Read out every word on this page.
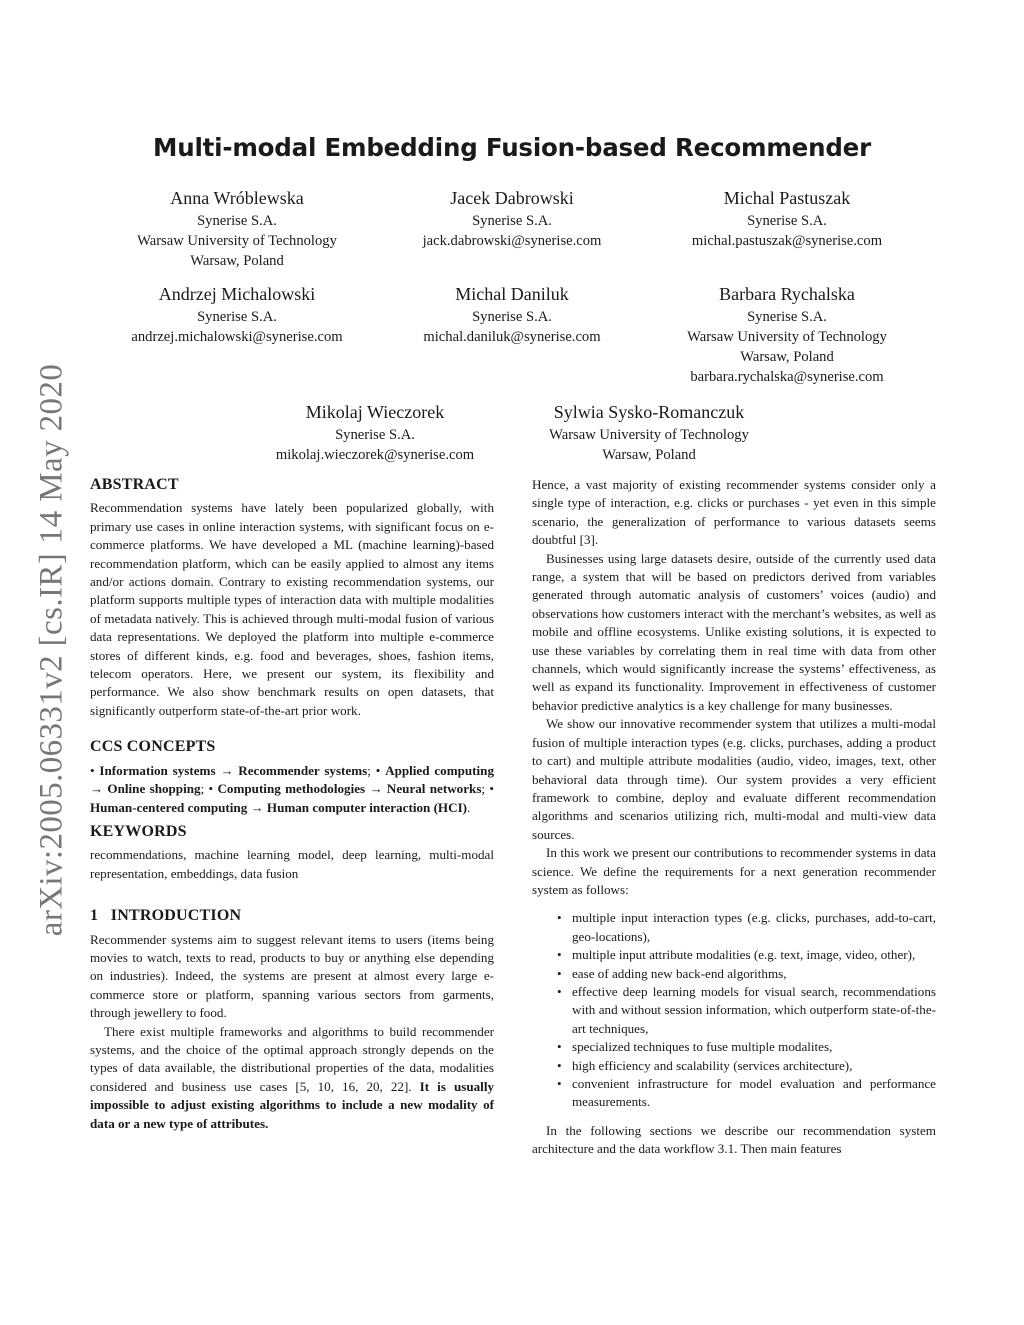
arXiv:2005.06331v2 [cs.IR] 14 May 2020
Multi-modal Embedding Fusion-based Recommender
Anna Wróblewska
Synerise S.A.
Warsaw University of Technology
Warsaw, Poland
Jacek Dabrowski
Synerise S.A.
jack.dabrowski@synerise.com
Michal Pastuszak
Synerise S.A.
michal.pastuszak@synerise.com
Andrzej Michalowski
Synerise S.A.
andrzej.michalowski@synerise.com
Michal Daniluk
Synerise S.A.
michal.daniluk@synerise.com
Barbara Rychalska
Synerise S.A.
Warsaw University of Technology
Warsaw, Poland
barbara.rychalska@synerise.com
Mikolaj Wieczorek
Synerise S.A.
mikolaj.wieczorek@synerise.com
Sylwia Sysko-Romanczuk
Warsaw University of Technology
Warsaw, Poland
ABSTRACT

Recommendation systems have lately been popularized globally, with primary use cases in online interaction systems, with significant focus on e-commerce platforms. We have developed a ML (machine learning)-based recommendation platform, which can be easily applied to almost any items and/or actions domain. Contrary to existing recommendation systems, our platform supports multiple types of interaction data with multiple modalities of metadata natively. This is achieved through multi-modal fusion of various data representations. We deployed the platform into multiple e-commerce stores of different kinds, e.g. food and beverages, shoes, fashion items, telecom operators. Here, we present our system, its flexibility and performance. We also show benchmark results on open datasets, that significantly outperform state-of-the-art prior work.

CCS CONCEPTS

• Information systems → Recommender systems; • Applied computing → Online shopping; • Computing methodologies → Neural networks; • Human-centered computing → Human computer interaction (HCI).

KEYWORDS

recommendations, machine learning model, deep learning, multi-modal representation, embeddings, data fusion

1   INTRODUCTION

Recommender systems aim to suggest relevant items to users (items being movies to watch, texts to read, products to buy or anything else depending on industries). Indeed, the systems are present at almost every large e-commerce store or platform, spanning various sectors from garments, through jewellery to food.

There exist multiple frameworks and algorithms to build recommender systems, and the choice of the optimal approach strongly depends on the types of data available, the distributional properties of the data, modalities considered and business use cases [5, 10, 16, 20, 22]. It is usually impossible to adjust existing algorithms to include a new modality of data or a new type of attributes.

Hence, a vast majority of existing recommender systems consider only a single type of interaction, e.g. clicks or purchases - yet even in this simple scenario, the generalization of performance to various datasets seems doubtful [3].

Businesses using large datasets desire, outside of the currently used data range, a system that will be based on predictors derived from variables generated through automatic analysis of customers’ voices (audio) and observations how customers interact with the merchant’s websites, as well as mobile and offline ecosystems. Unlike existing solutions, it is expected to use these variables by correlating them in real time with data from other channels, which would significantly increase the systems’ effectiveness, as well as expand its functionality. Improvement in effectiveness of customer behavior predictive analytics is a key challenge for many businesses.

We show our innovative recommender system that utilizes a multi-modal fusion of multiple interaction types (e.g. clicks, purchases, adding a product to cart) and multiple attribute modalities (audio, video, images, text, other behavioral data through time). Our system provides a very efficient framework to combine, deploy and evaluate different recommendation algorithms and scenarios utilizing rich, multi-modal and multi-view data sources.

In this work we present our contributions to recommender systems in data science. We define the requirements for a next generation recommender system as follows:

• multiple input interaction types (e.g. clicks, purchases, add-to-cart, geo-locations),
• multiple input attribute modalities (e.g. text, image, video, other),
• ease of adding new back-end algorithms,
• effective deep learning models for visual search, recommendations with and without session information, which outperform state-of-the-art techniques,
• specialized techniques to fuse multiple modalites,
• high efficiency and scalability (services architecture),
• convenient infrastructure for model evaluation and performance measurements.

In the following sections we describe our recommendation system architecture and the data workflow 3.1. Then main features
